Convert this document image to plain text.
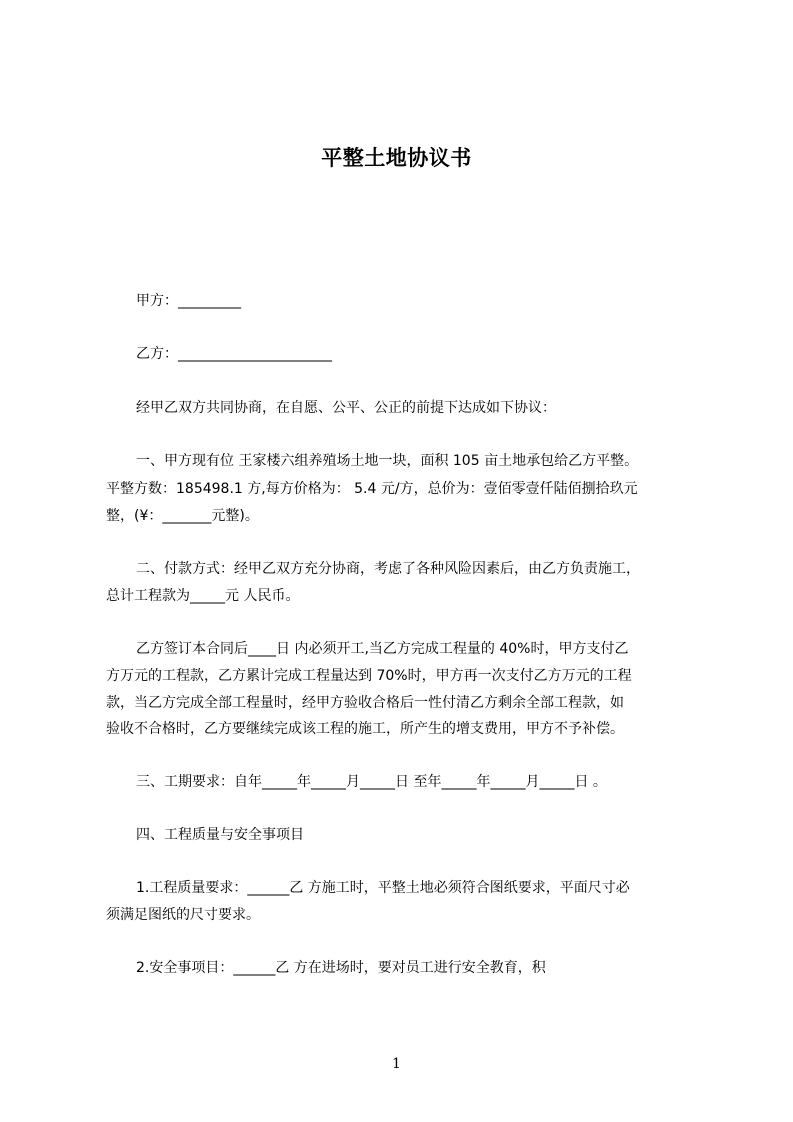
平整土地协议书
甲方：_________
乙方：______________________
经甲乙双方共同协商，在自愿、公平、公正的前提下达成如下协议：
一、甲方现有位 王家楼六组养殖场土地一块，面积 105 亩土地承包给乙方平整。
平整方数：185498.1 方,每方价格为： 5.4 元/方，总价为：壹佰零壹仟陆佰捌拾玖元
整，(¥：_______元整)。
二、付款方式：经甲乙双方充分协商，考虑了各种风险因素后，由乙方负责施工，
总计工程款为_____元 人民币。
乙方签订本合同后____日 内必须开工,当乙方完成工程量的 40%时，甲方支付乙
方万元的工程款，乙方累计完成工程量达到 70%时，甲方再一次支付乙方万元的工程
款，当乙方完成全部工程量时，经甲方验收合格后一性付清乙方剩余全部工程款，如
验收不合格时，乙方要继续完成该工程的施工，所产生的增支费用，甲方不予补偿。
三、工期要求：自年_____年_____月_____日 至年_____年_____月_____日 。
四、工程质量与安全事项目
1.工程质量要求：______乙 方施工时，平整土地必须符合图纸要求，平面尺寸必
须满足图纸的尺寸要求。
2.安全事项目：______乙 方在进场时，要对员工进行安全教育，积
1
